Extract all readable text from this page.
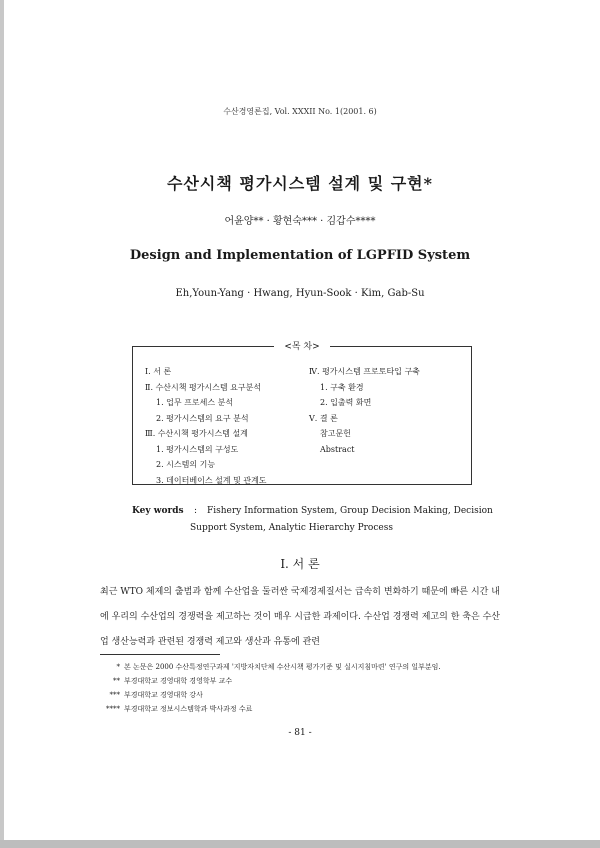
수산경영론집, Vol. XXXII No. 1(2001. 6)
수산시책 평가시스템 설계 및 구현*
어윤양** · 황현숙*** · 김갑수****
Design and Implementation of LGPFID System
Eh,Youn-Yang · Hwang, Hyun-Sook · Kim, Gab-Su
<목 차>
Ⅰ. 서 론
Ⅱ. 수산시책 평가시스템 요구분석
1. 업무 프로세스 분석
2. 평가시스템의 요구 분석
Ⅲ. 수산시책 평가시스템 설계
1. 평가시스템의 구성도
2. 시스템의 기능
3. 데이터베이스 설계 및 관계도
Ⅳ. 평가시스템 프로토타입 구축
1. 구축 환경
2. 입출력 화면
Ⅴ. 결 론
참고문헌
Abstract
Key words : Fishery Information System, Group Decision Making, Decision
Support System, Analytic Hierarchy Process
Ⅰ. 서 론

최근 WTO 체제의 출범과 함께 수산업을 둘러싼 국제경제질서는 급속히 변화하기 때문에 빠른 시간 내에 우리의 수산업의 경쟁력을 제고하는 것이 매우 시급한 과제이다. 수산업 경쟁력 제고의 한 축은 수산업 생산능력과 관련된 경쟁력 제고와 생산과 유통에 관련

* 본 논문은 2000 수산특정연구과제 '지방자치단체 수산시책 평가기준 및 실시지침마련' 연구의 일부분임.
** 부경대학교 경영대학 경영학부 교수
*** 부경대학교 경영대학 강사
**** 부경대학교 정보시스템학과 박사과정 수료
- 81 -
